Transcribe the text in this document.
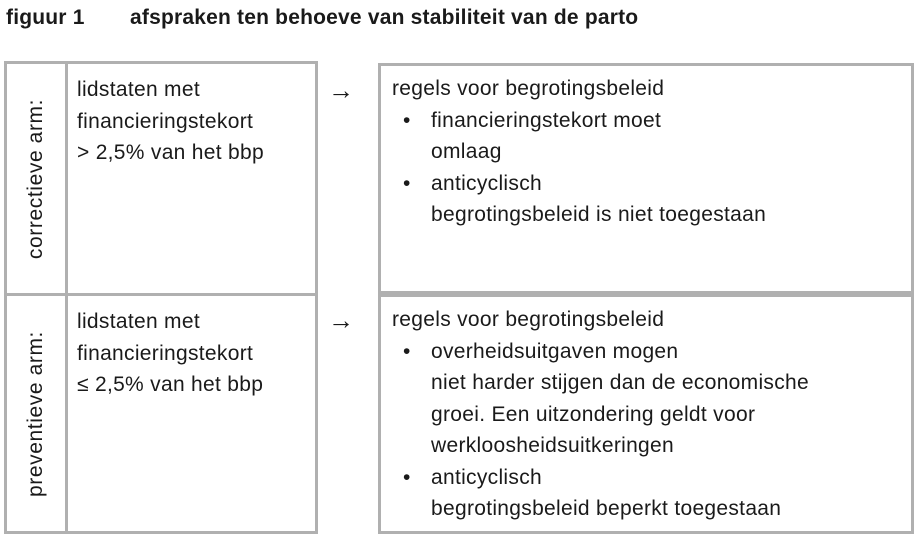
figuur 1 afspraken ten behoeve van stabiliteit van de parto
correctieve arm:
lidstaten met
financieringstekort
> 2,5% van het bbp
preventieve arm:
lidstaten met
financieringstekort
≤ 2,5% van het bbp
→
→
regels voor begrotingsbeleid
• financieringstekort moet
omlaag
• anticyclisch
begrotingsbeleid is niet toegestaan
regels voor begrotingsbeleid
• overheidsuitgaven mogen
niet harder stijgen dan de economische
groei. Een uitzondering geldt voor
werkloosheidsuitkeringen
• anticyclisch
begrotingsbeleid beperkt toegestaan
